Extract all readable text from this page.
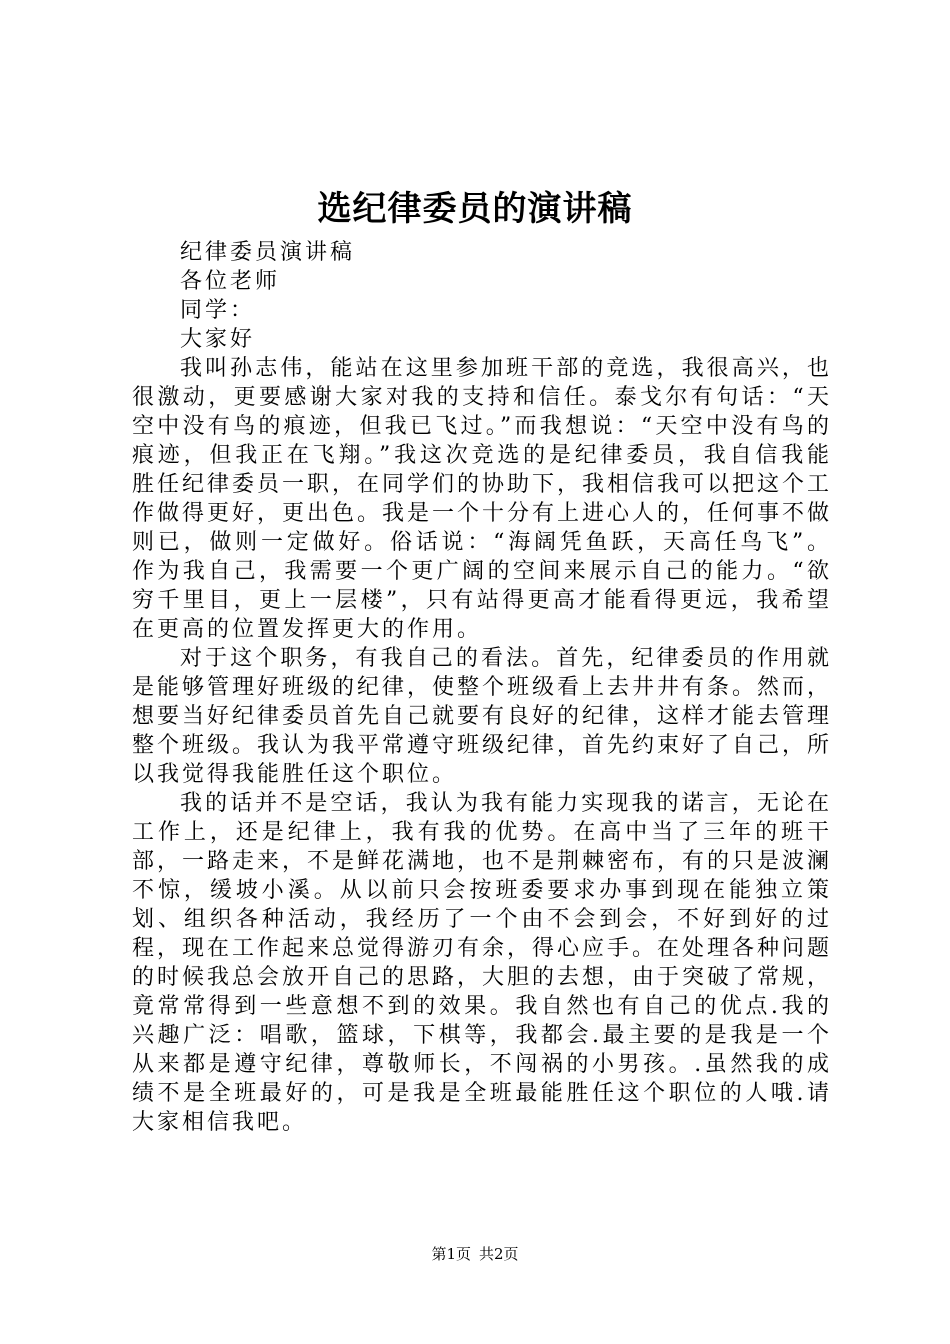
选纪律委员的演讲稿

纪律委员演讲稿

各位老师

同学：

大家好

我叫孙志伟，能站在这里参加班干部的竞选，我很高兴，也很激动，更要感谢大家对我的支持和信任。泰戈尔有句话：“天空中没有鸟的痕迹，但我已飞过。”而我想说：“天空中没有鸟的痕迹，但我正在飞翔。”我这次竞选的是纪律委员，我自信我能胜任纪律委员一职，在同学们的协助下，我相信我可以把这个工作做得更好，更出色。我是一个十分有上进心人的，任何事不做则已，做则一定做好。俗话说：“海阔凭鱼跃，天高任鸟飞”。作为我自己，我需要一个更广阔的空间来展示自己的能力。“欲穷千里目，更上一层楼”，只有站得更高才能看得更远，我希望在更高的位置发挥更大的作用。

对于这个职务，有我自己的看法。首先，纪律委员的作用就是能够管理好班级的纪律，使整个班级看上去井井有条。然而，想要当好纪律委员首先自己就要有良好的纪律，这样才能去管理整个班级。我认为我平常遵守班级纪律，首先约束好了自己，所以我觉得我能胜任这个职位。

我的话并不是空话，我认为我有能力实现我的诺言，无论在工作上，还是纪律上，我有我的优势。在高中当了三年的班干部，一路走来，不是鲜花满地，也不是荆棘密布，有的只是波澜不惊，缓坡小溪。从以前只会按班委要求办事到现在能独立策划、组织各种活动，我经历了一个由不会到会，不好到好的过程，现在工作起来总觉得游刃有余，得心应手。在处理各种问题的时候我总会放开自己的思路，大胆的去想，由于突破了常规，竟常常得到一些意想不到的效果。我自然也有自己的优点.我的兴趣广泛：唱歌，篮球，下棋等，我都会.最主要的是我是一个从来都是遵守纪律，尊敬师长，不闯祸的小男孩。.虽然我的成绩不是全班最好的，可是我是全班最能胜任这个职位的人哦.请大家相信我吧。

第1页 共2页
